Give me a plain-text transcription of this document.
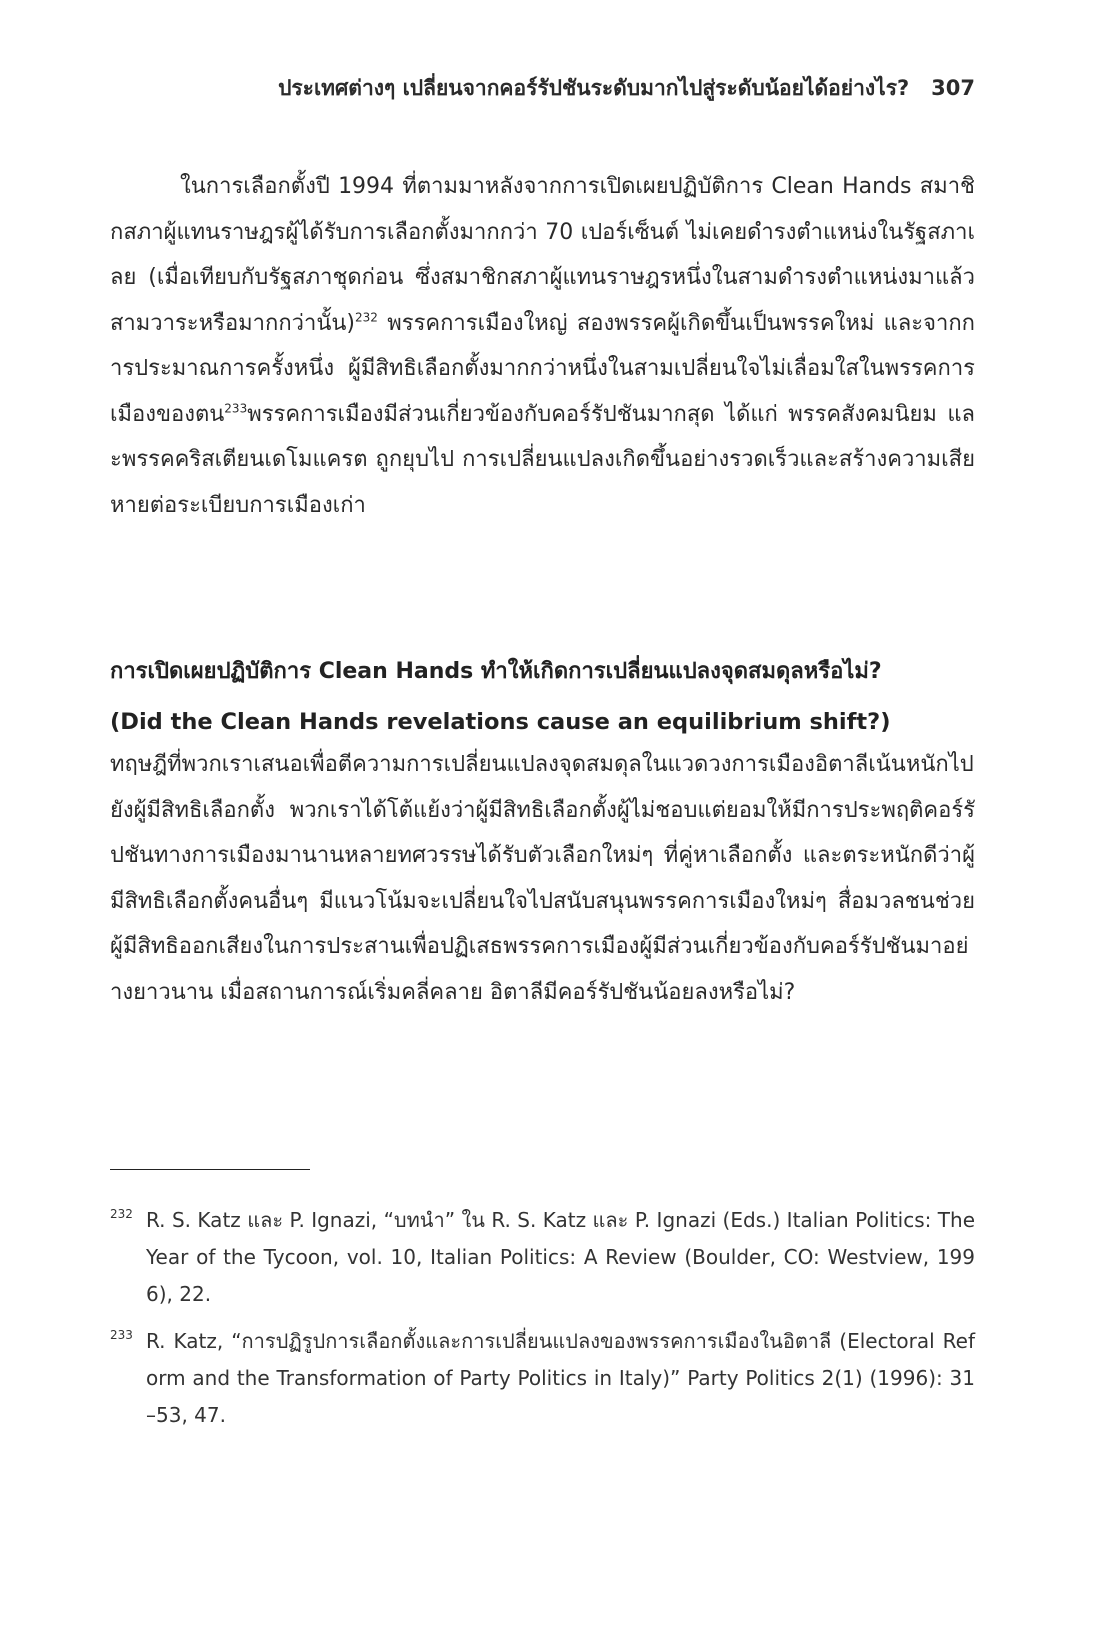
ประเทศต่างๆ เปลี่ยนจากคอร์รัปชันระดับมากไปสู่ระดับน้อยได้อย่างไร? 307

ในการเลือกตั้งปี 1994 ที่ตามมาหลังจากการเปิดเผยปฏิบัติการ Clean Hands สมาชิกสภาผู้แทนราษฎรผู้ได้รับการเลือกตั้งมากกว่า 70 เปอร์เซ็นต์ ไม่เคยดำรงตำแหน่งในรัฐสภาเลย (เมื่อเทียบกับรัฐสภาชุดก่อน ซึ่งสมาชิกสภาผู้แทนราษฎรหนึ่งในสามดำรงตำแหน่งมาแล้วสามวาระหรือมากกว่านั้น)$^{232}$ พรรคการเมืองใหญ่ สองพรรคผู้เกิดขึ้นเป็นพรรคใหม่ และจากการประมาณการครั้งหนึ่ง ผู้มีสิทธิเลือกตั้งมากกว่าหนึ่งในสามเปลี่ยนใจไม่เลื่อมใสในพรรคการเมืองของตน$^{233}$พรรคการเมืองมีส่วนเกี่ยวข้องกับคอร์รัปชันมากสุด ได้แก่ พรรคสังคมนิยม และพรรคคริสเตียนเดโมแครต ถูกยุบไป การเปลี่ยนแปลงเกิดขึ้นอย่างรวดเร็วและสร้างความเสียหายต่อระเบียบการเมืองเก่า

การเปิดเผยปฏิบัติการ Clean Hands ทำให้เกิดการเปลี่ยนแปลงจุดสมดุลหรือไม่?

(Did the Clean Hands revelations cause an equilibrium shift?)

ทฤษฎีที่พวกเราเสนอเพื่อตีความการเปลี่ยนแปลงจุดสมดุลในแวดวงการเมืองอิตาลีเน้นหนักไปยังผู้มีสิทธิเลือกตั้ง พวกเราได้โต้แย้งว่าผู้มีสิทธิเลือกตั้งผู้ไม่ชอบแต่ยอมให้มีการประพฤติคอร์รัปชันทางการเมืองมานานหลายทศวรรษได้รับตัวเลือกใหม่ๆ ที่คู่หาเลือกตั้ง และตระหนักดีว่าผู้มีสิทธิเลือกตั้งคนอื่นๆ มีแนวโน้มจะเปลี่ยนใจไปสนับสนุนพรรคการเมืองใหม่ๆ สื่อมวลชนช่วยผู้มีสิทธิออกเสียงในการประสานเพื่อปฏิเสธพรรคการเมืองผู้มีส่วนเกี่ยวข้องกับคอร์รัปชันมาอย่างยาวนาน เมื่อสถานการณ์เริ่มคลี่คลาย อิตาลีมีคอร์รัปชันน้อยลงหรือไม่?

232 R. S. Katz และ P. Ignazi, “บทนำ” ใน R. S. Katz และ P. Ignazi (Eds.) Italian Politics: The Year of the Tycoon, vol. 10, Italian Politics: A Review (Boulder, CO: Westview, 1996), 22.

233 R. Katz, “การปฏิรูปการเลือกตั้งและการเปลี่ยนแปลงของพรรคการเมืองในอิตาลี (Electoral Reform and the Transformation of Party Politics in Italy)” Party Politics 2(1) (1996): 31–53, 47.
